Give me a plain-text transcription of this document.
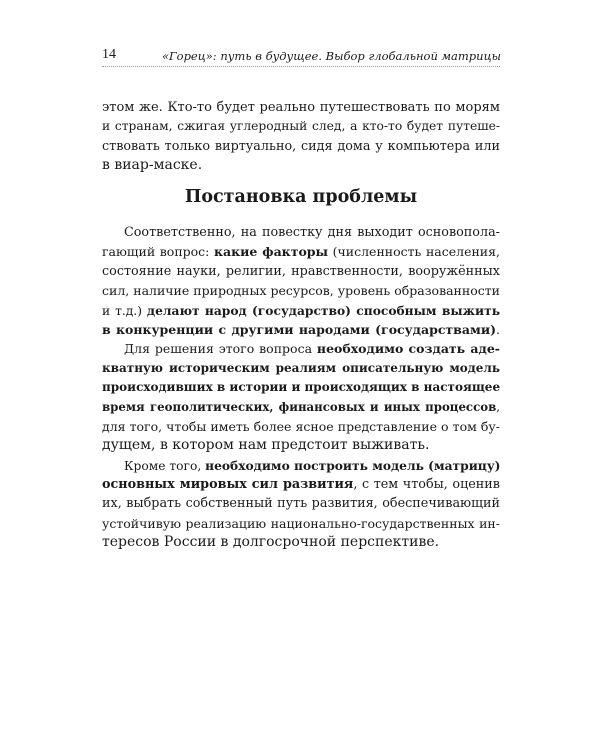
14	«Горец»: путь в будущее. Выбор глобальной матрицы
этом же. Кто-то будет реально путешествовать по морям
и странам, сжигая углеродный след, а кто-то будет путеше-
ствовать только виртуально, сидя дома у компьютера или
в виар-маске.
Постановка проблемы
Соответственно, на повестку дня выходит основопола-
гающий вопрос: какие факторы (численность населения,
состояние науки, религии, нравственности, вооружённых
сил, наличие природных ресурсов, уровень образованности
и т.д.) делают народ (государство) способным выжить
в конкуренции с другими народами (государствами).
Для решения этого вопроса необходимо создать аде-
кватную историческим реалиям описательную модель
происходивших в истории и происходящих в настоящее
время геополитических, финансовых и иных процессов,
для того, чтобы иметь более ясное представление о том бу-
дущем, в котором нам предстоит выживать.
Кроме того, необходимо построить модель (матрицу)
основных мировых сил развития, с тем чтобы, оценив
их, выбрать собственный путь развития, обеспечивающий
устойчивую реализацию национально-государственных ин-
тересов России в долгосрочной перспективе.
